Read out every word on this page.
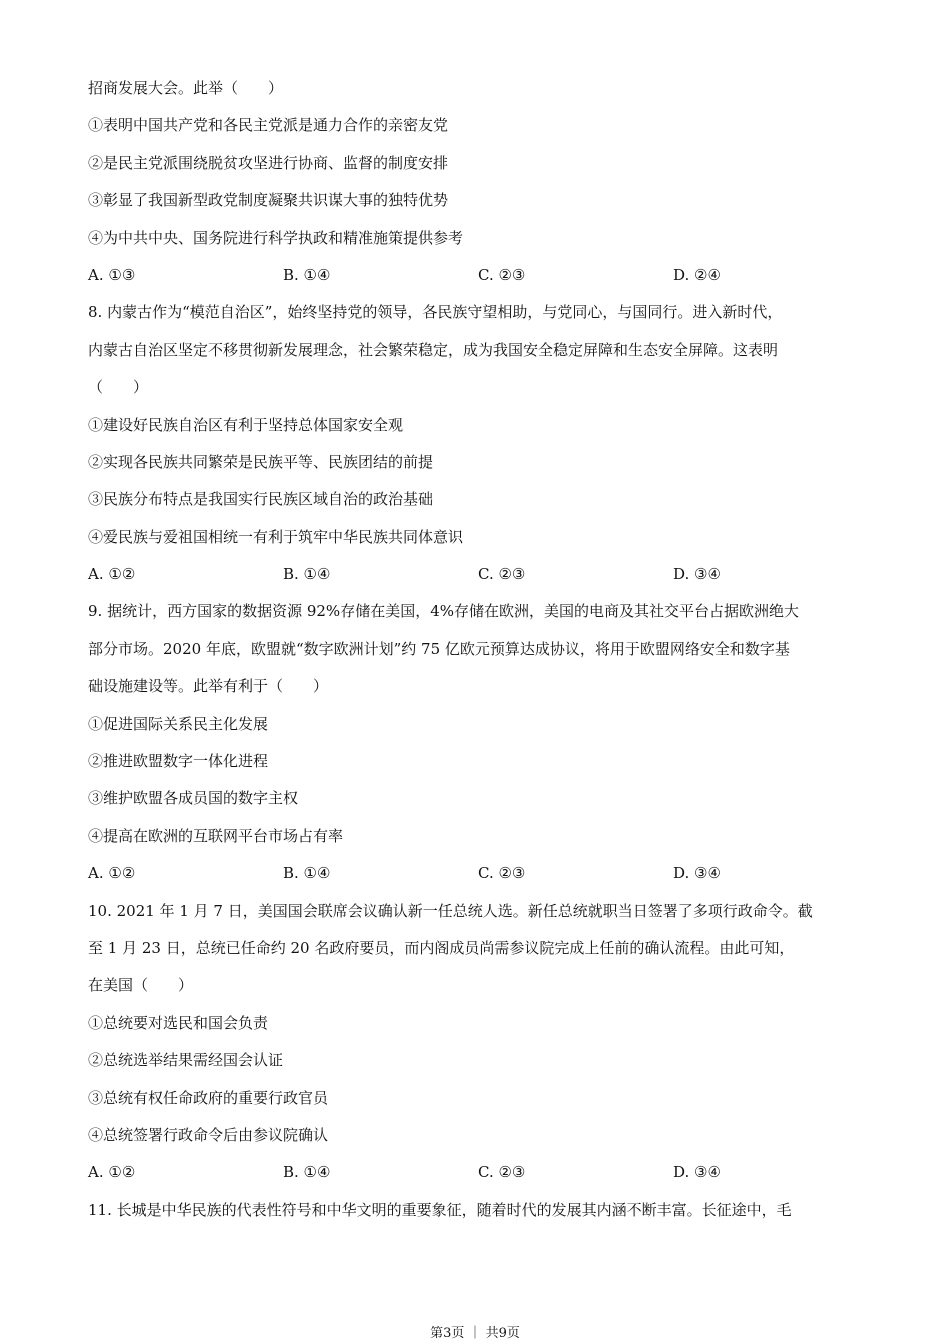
招商发展大会。此举（　　）
①表明中国共产党和各民主党派是通力合作的亲密友党
②是民主党派围绕脱贫攻坚进行协商、监督的制度安排
③彰显了我国新型政党制度凝聚共识谋大事的独特优势
④为中共中央、国务院进行科学执政和精准施策提供参考
A. ①③	B. ①④	C. ②③	D. ②④
8. 内蒙古作为“模范自治区”，始终坚持党的领导，各民族守望相助，与党同心，与国同行。进入新时代，
内蒙古自治区坚定不移贯彻新发展理念，社会繁荣稳定，成为我国安全稳定屏障和生态安全屏障。这表明
（　　）
①建设好民族自治区有利于坚持总体国家安全观
②实现各民族共同繁荣是民族平等、民族团结的前提
③民族分布特点是我国实行民族区域自治的政治基础
④爱民族与爱祖国相统一有利于筑牢中华民族共同体意识
A. ①②	B. ①④	C. ②③	D. ③④
9. 据统计，西方国家的数据资源 92%存储在美国，4%存储在欧洲，美国的电商及其社交平台占据欧洲绝大
部分市场。2020 年底，欧盟就“数字欧洲计划”约 75 亿欧元预算达成协议，将用于欧盟网络安全和数字基
础设施建设等。此举有利于（　　）
①促进国际关系民主化发展
②推进欧盟数字一体化进程
③维护欧盟各成员国的数字主权
④提高在欧洲的互联网平台市场占有率
A. ①②	B. ①④	C. ②③	D. ③④
10. 2021 年 1 月 7 日，美国国会联席会议确认新一任总统人选。新任总统就职当日签署了多项行政命令。截
至 1 月 23 日，总统已任命约 20 名政府要员，而内阁成员尚需参议院完成上任前的确认流程。由此可知，
在美国（　　）
①总统要对选民和国会负责
②总统选举结果需经国会认证
③总统有权任命政府的重要行政官员
④总统签署行政命令后由参议院确认
A. ①②	B. ①④	C. ②③	D. ③④
11. 长城是中华民族的代表性符号和中华文明的重要象征，随着时代的发展其内涵不断丰富。长征途中，毛
第3页 ｜ 共9页
